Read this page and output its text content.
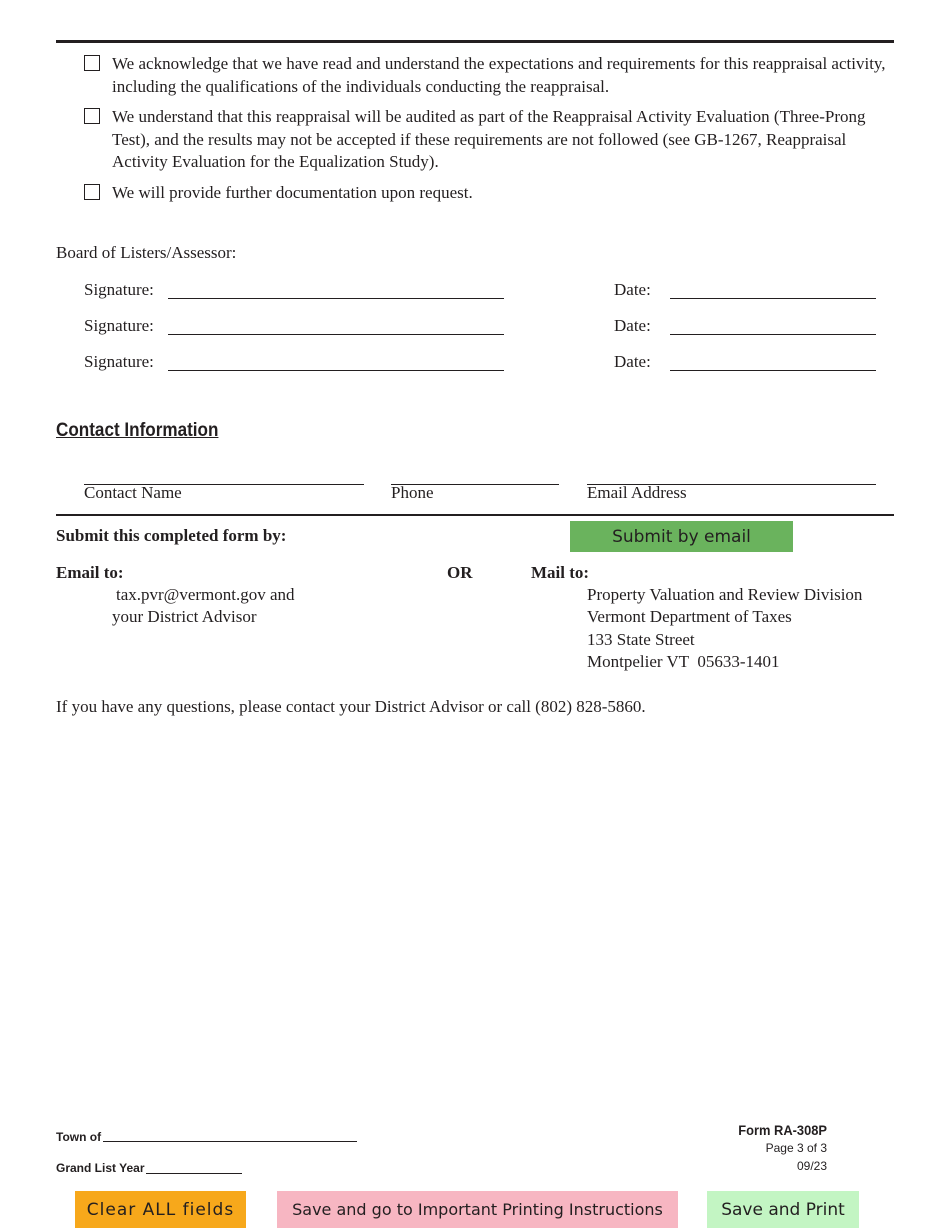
We acknowledge that we have read and understand the expectations and requirements for this reappraisal activity, including the qualifications of the individuals conducting the reappraisal.
We understand that this reappraisal will be audited as part of the Reappraisal Activity Evaluation (Three-Prong Test), and the results may not be accepted if these requirements are not followed (see GB-1267, Reappraisal Activity Evaluation for the Equalization Study).
We will provide further documentation upon request.
Board of Listers/Assessor:
Signature:	Date:
Signature:	Date:
Signature:	Date:
Contact Information
Contact Name	Phone	Email Address
Submit this completed form by:	Submit by email
Email to:
tax.pvr@vermont.gov and
your District Advisor
OR	Mail to:
Property Valuation and Review Division
Vermont Department of Taxes
133 State Street
Montpelier VT  05633-1401
If you have any questions, please contact your District Advisor or call (802) 828-5860.
Town of
Grand List Year
Form RA-308P
Page 3 of 3
09/23
Clear ALL fields	Save and go to Important Printing Instructions	Save and Print
